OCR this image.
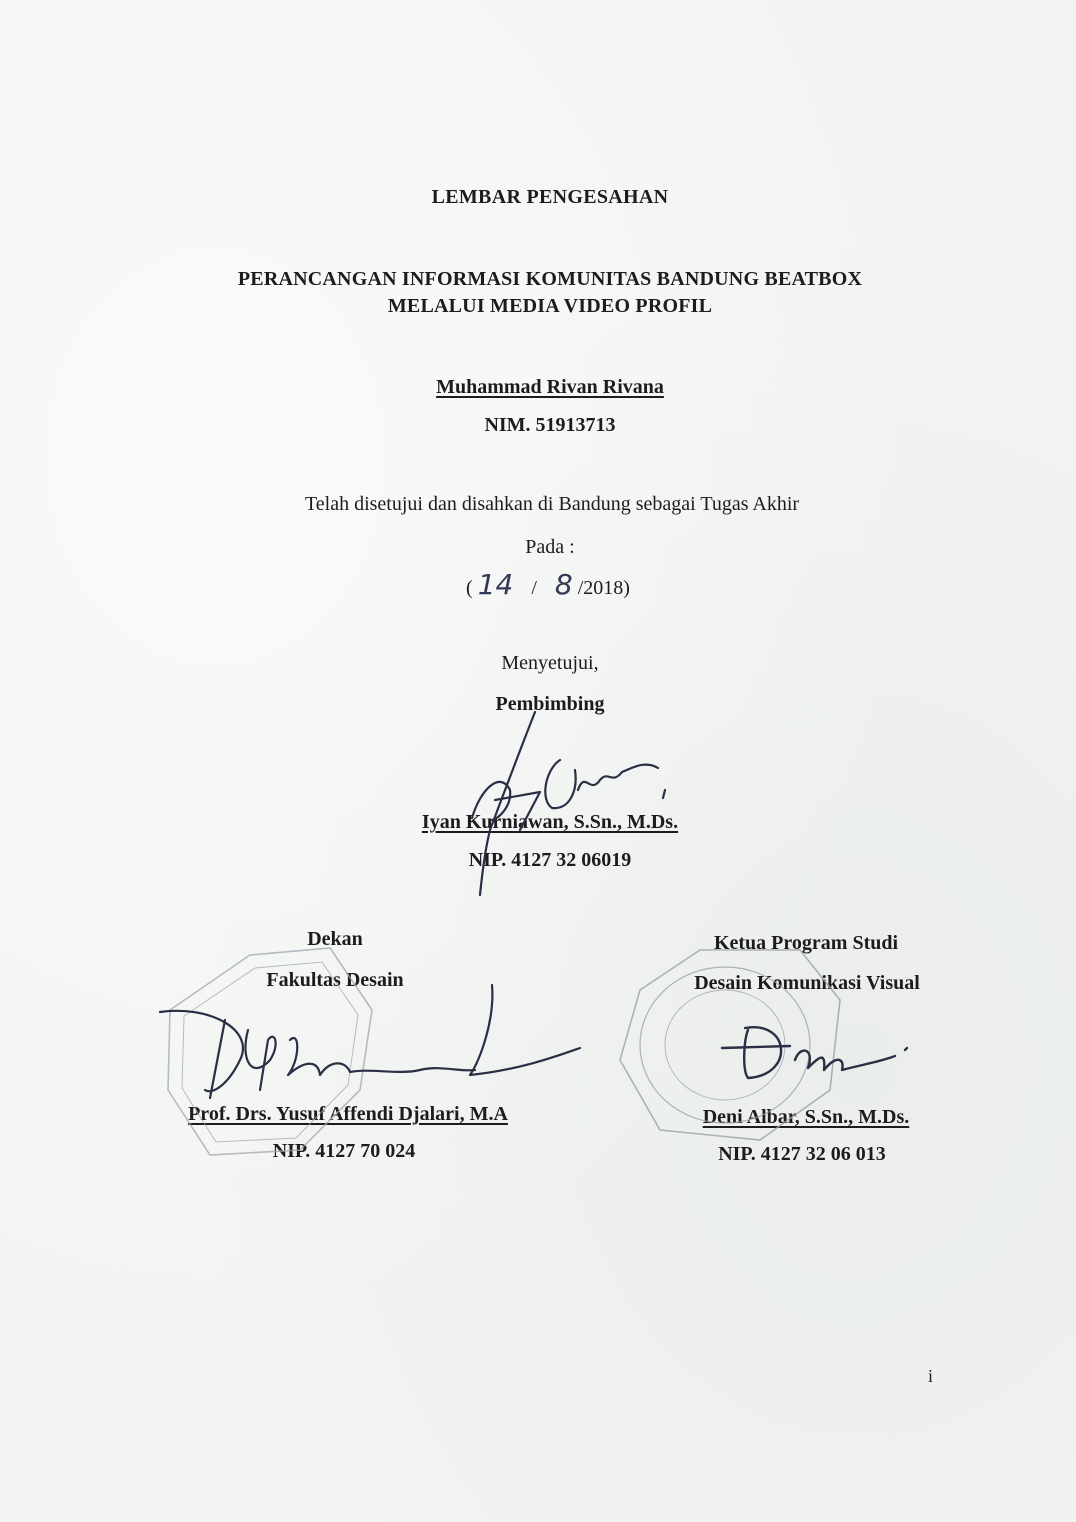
LEMBAR PENGESAHAN
PERANCANGAN INFORMASI KOMUNITAS BANDUNG BEATBOX
MELALUI MEDIA VIDEO PROFIL
Muhammad Rivan Rivana
NIM. 51913713
Telah disetujui dan disahkan di Bandung sebagai Tugas Akhir
Pada :
( 14 / 8 /2018)
Menyetujui,
Pembimbing
Iyan Kurniawan, S.Sn., M.Ds.
NIP. 4127 32 06019
Dekan
Fakultas Desain
Prof. Drs. Yusuf Affendi Djalari, M.A
NIP. 4127 70 024
Ketua Program Studi
Desain Komunikasi Visual
Deni Albar, S.Sn., M.Ds.
NIP. 4127 32 06 013
i
